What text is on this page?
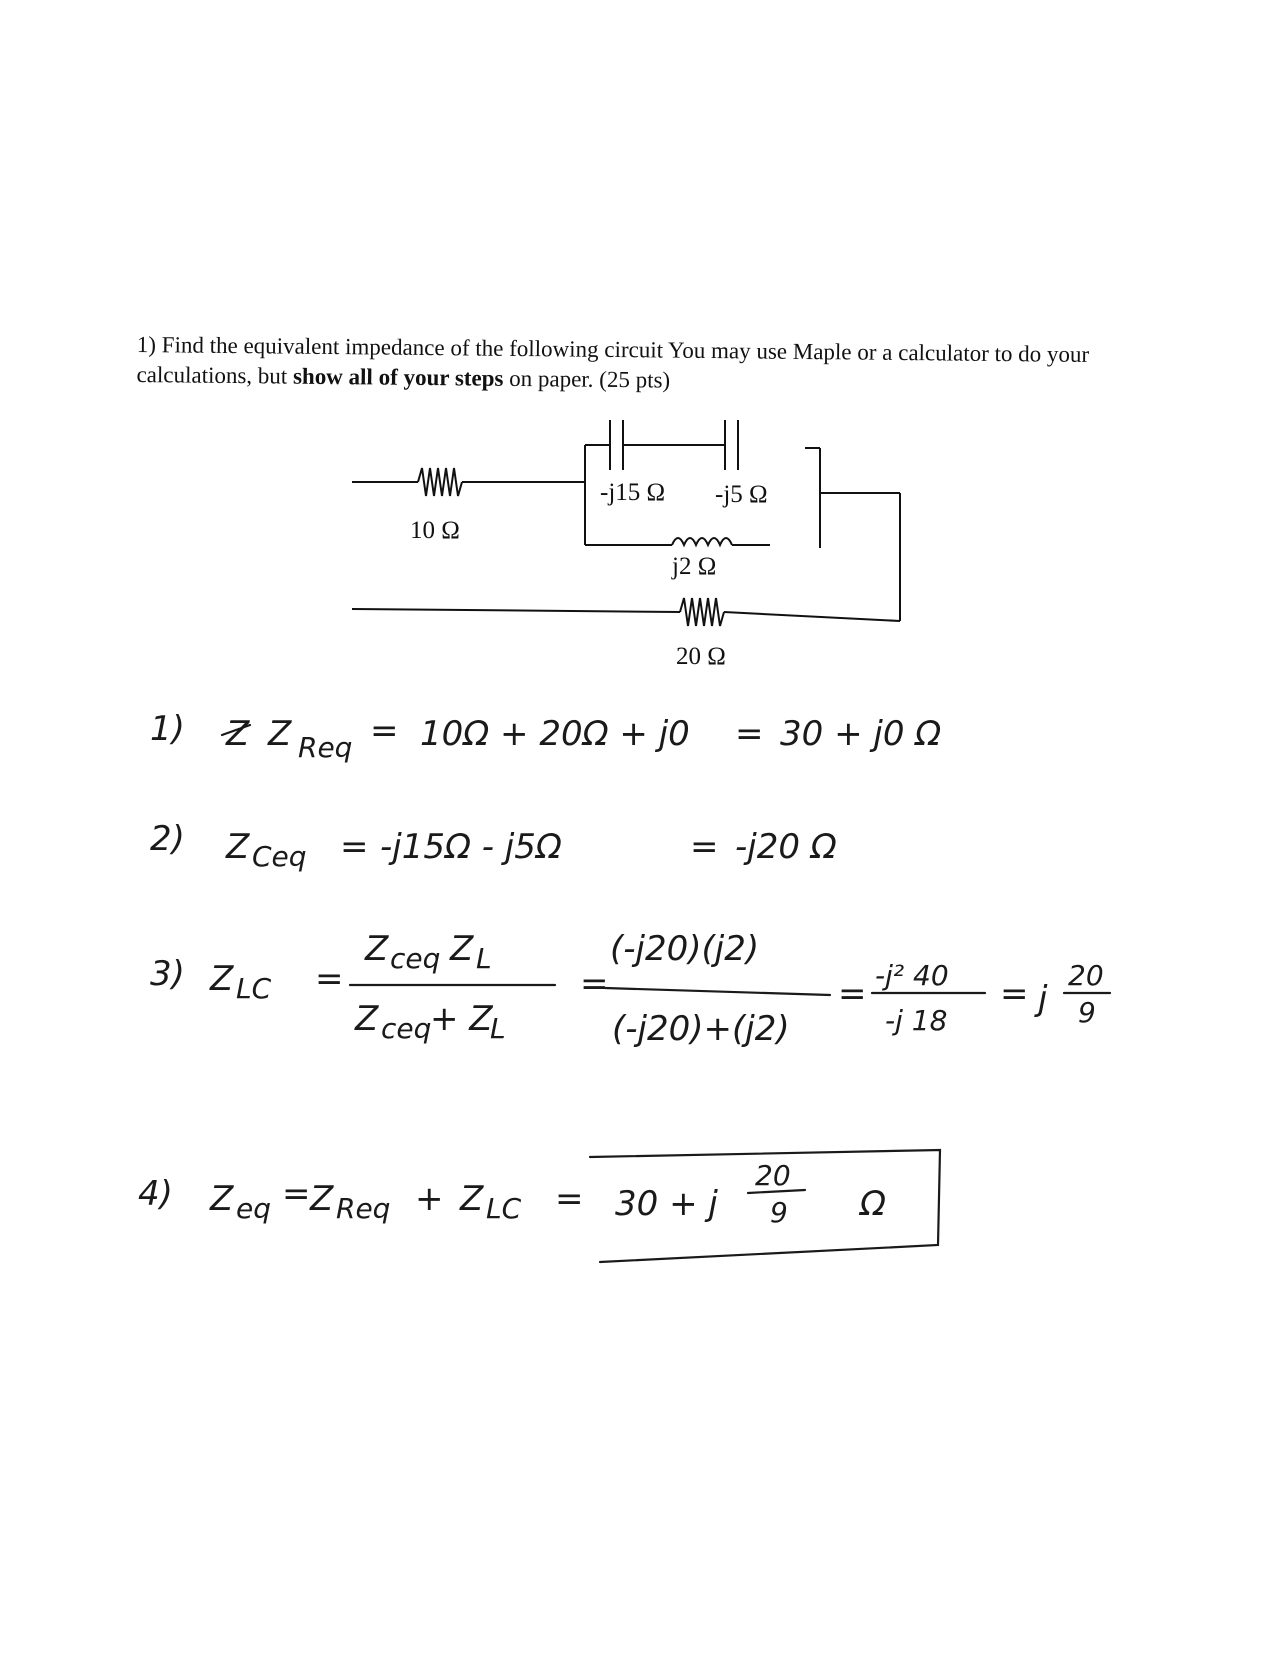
1) Find the equivalent impedance of the following circuit You may use Maple or a calculator to do your calculations, but show all of your steps on paper. (25 pts)
10 Ω
-j15 Ω -j5 Ω
j2 Ω
20 Ω
1) Z Z Req = 10Ω + 20Ω + j0 = 30 + j0 Ω
2) Z Ceq = -j15Ω - j5Ω	= -j20 Ω
3) Z LC =
Z ceq Z L
Z ceq
+ Z
L
=
(-j20)(j2)
(-j20)+(j2)
= -j² 40
-j 18
= j
20
9
4) Z eq = Z Req + Z LC = 30 + j
20
9 Ω
